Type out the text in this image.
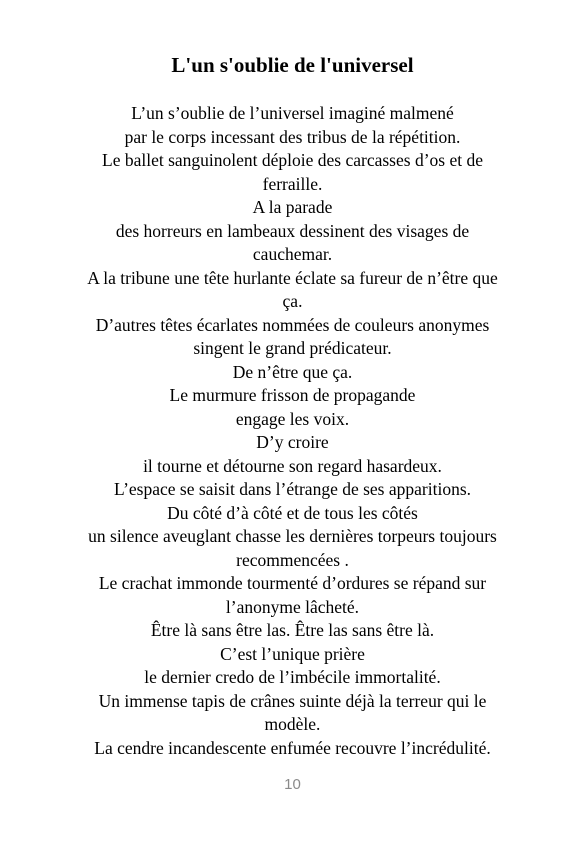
L'un s'oublie de l'universel
L’un s’oublie de l’universel imaginé malmené
par le corps incessant des tribus de la répétition.
Le ballet sanguinolent déploie des carcasses d’os et de
ferraille.
A la parade
des horreurs en lambeaux dessinent des visages de
cauchemar.
A la tribune une tête hurlante éclate sa fureur de n’être que
ça.
D’autres têtes écarlates nommées de couleurs anonymes
singent le grand prédicateur.
De n’être que ça.
Le murmure frisson de propagande
engage les voix.
D’y croire
il tourne et détourne son regard hasardeux.
L’espace se saisit dans l’étrange de ses apparitions.
Du côté d’à côté et de tous les côtés
un silence aveuglant chasse les dernières torpeurs toujours
recommencées .
Le crachat immonde tourmenté d’ordures se répand sur
l’anonyme lâcheté.
Être là sans être las. Être las sans être là.
C’est l’unique prière
le dernier credo de l’imbécile immortalité.
Un immense tapis de crânes suinte déjà la terreur qui le
modèle.
La cendre incandescente enfumée recouvre l’incrédulité.
10
